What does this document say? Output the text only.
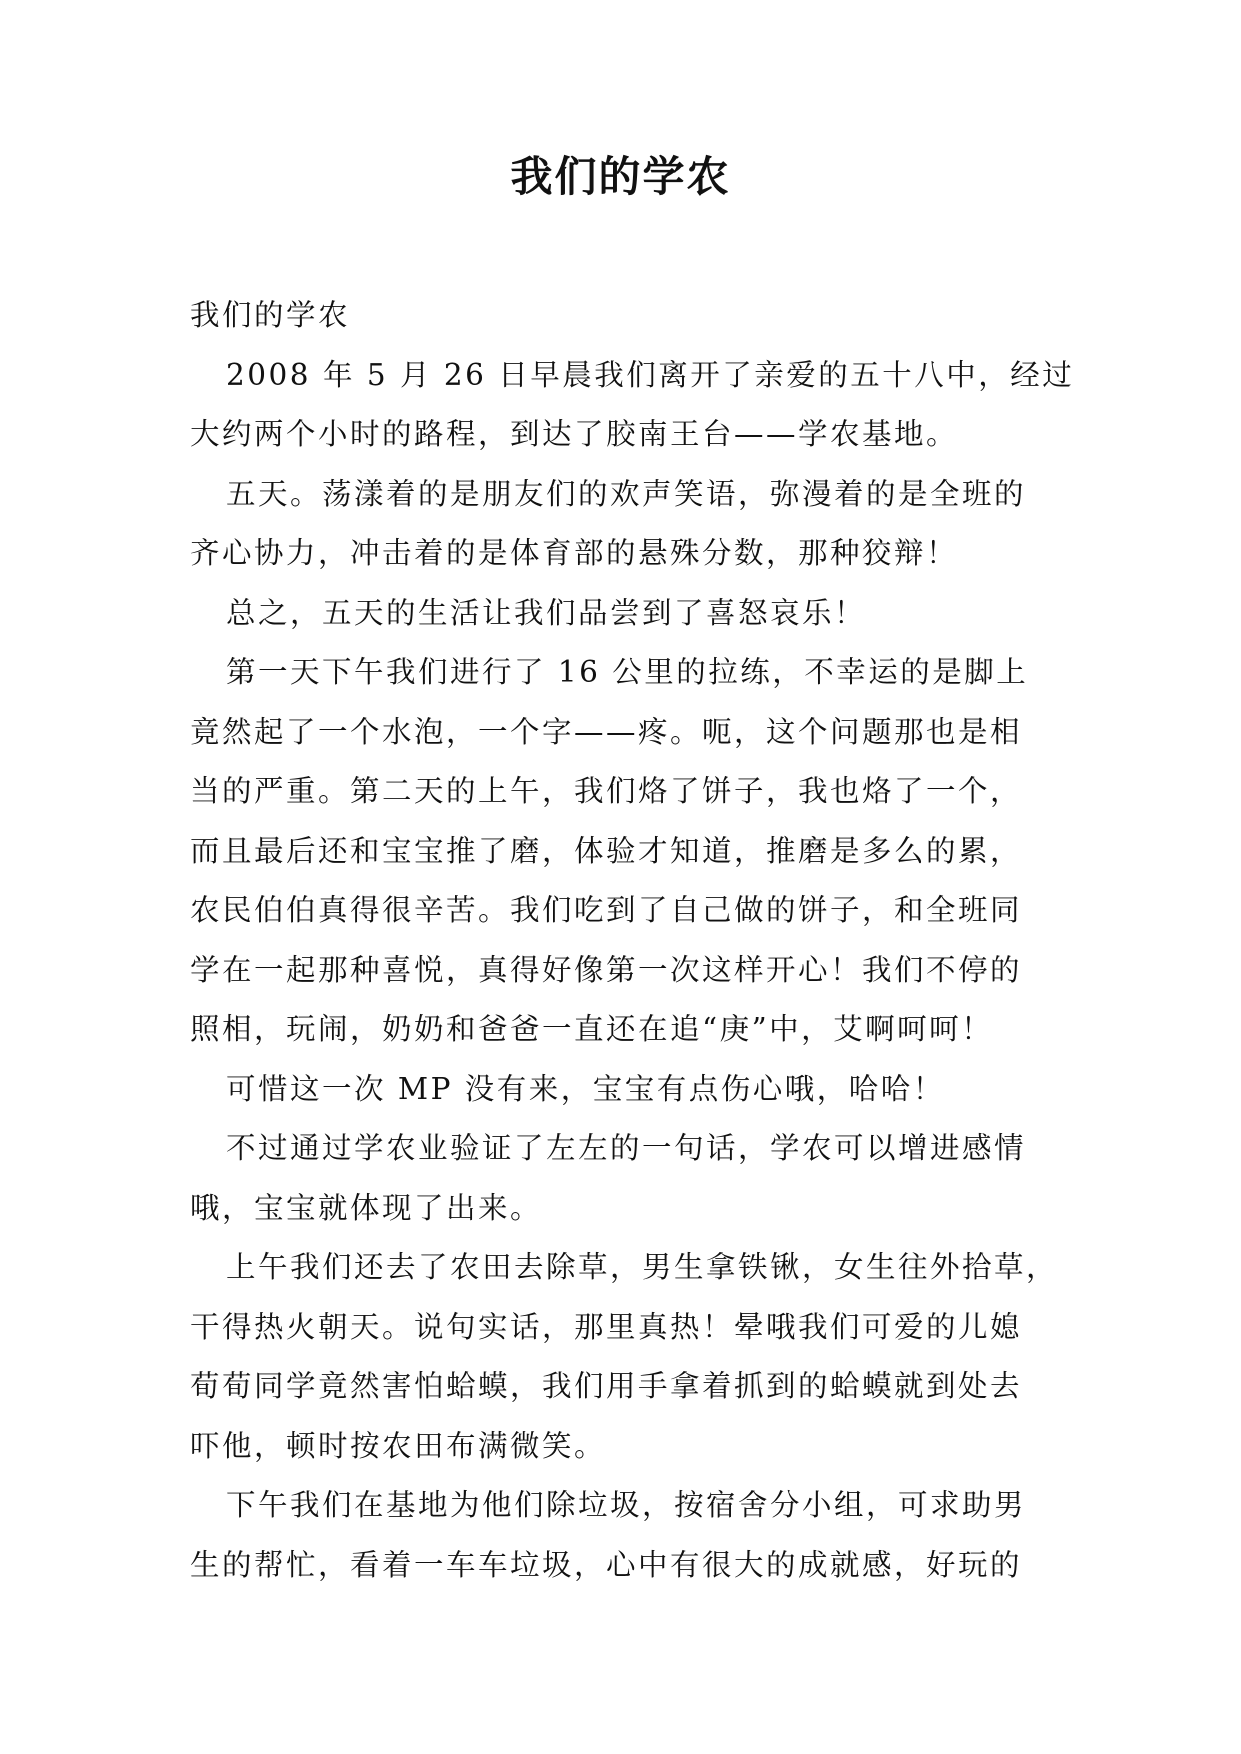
我们的学农

我们的学农

2008 年 5 月 26 日早晨我们离开了亲爱的五十八中，经过
大约两个小时的路程，到达了胶南王台——学农基地。

五天。荡漾着的是朋友们的欢声笑语，弥漫着的是全班的
齐心协力，冲击着的是体育部的悬殊分数，那种狡辩！

总之，五天的生活让我们品尝到了喜怒哀乐！

第一天下午我们进行了 16 公里的拉练，不幸运的是脚上
竟然起了一个水泡，一个字——疼。呃，这个问题那也是相
当的严重。第二天的上午，我们烙了饼子，我也烙了一个，
而且最后还和宝宝推了磨，体验才知道，推磨是多么的累，
农民伯伯真得很辛苦。我们吃到了自己做的饼子，和全班同
学在一起那种喜悦，真得好像第一次这样开心！我们不停的
照相，玩闹，奶奶和爸爸一直还在追“庚”中，艾啊呵呵！

可惜这一次 MP 没有来，宝宝有点伤心哦，哈哈！

不过通过学农业验证了左左的一句话，学农可以增进感情
哦，宝宝就体现了出来。

上午我们还去了农田去除草，男生拿铁锹，女生往外拾草，
干得热火朝天。说句实话，那里真热！晕哦我们可爱的儿媳
荀荀同学竟然害怕蛤蟆，我们用手拿着抓到的蛤蟆就到处去
吓他，顿时按农田布满微笑。

下午我们在基地为他们除垃圾，按宿舍分小组，可求助男
生的帮忙，看着一车车垃圾，心中有很大的成就感，好玩的
